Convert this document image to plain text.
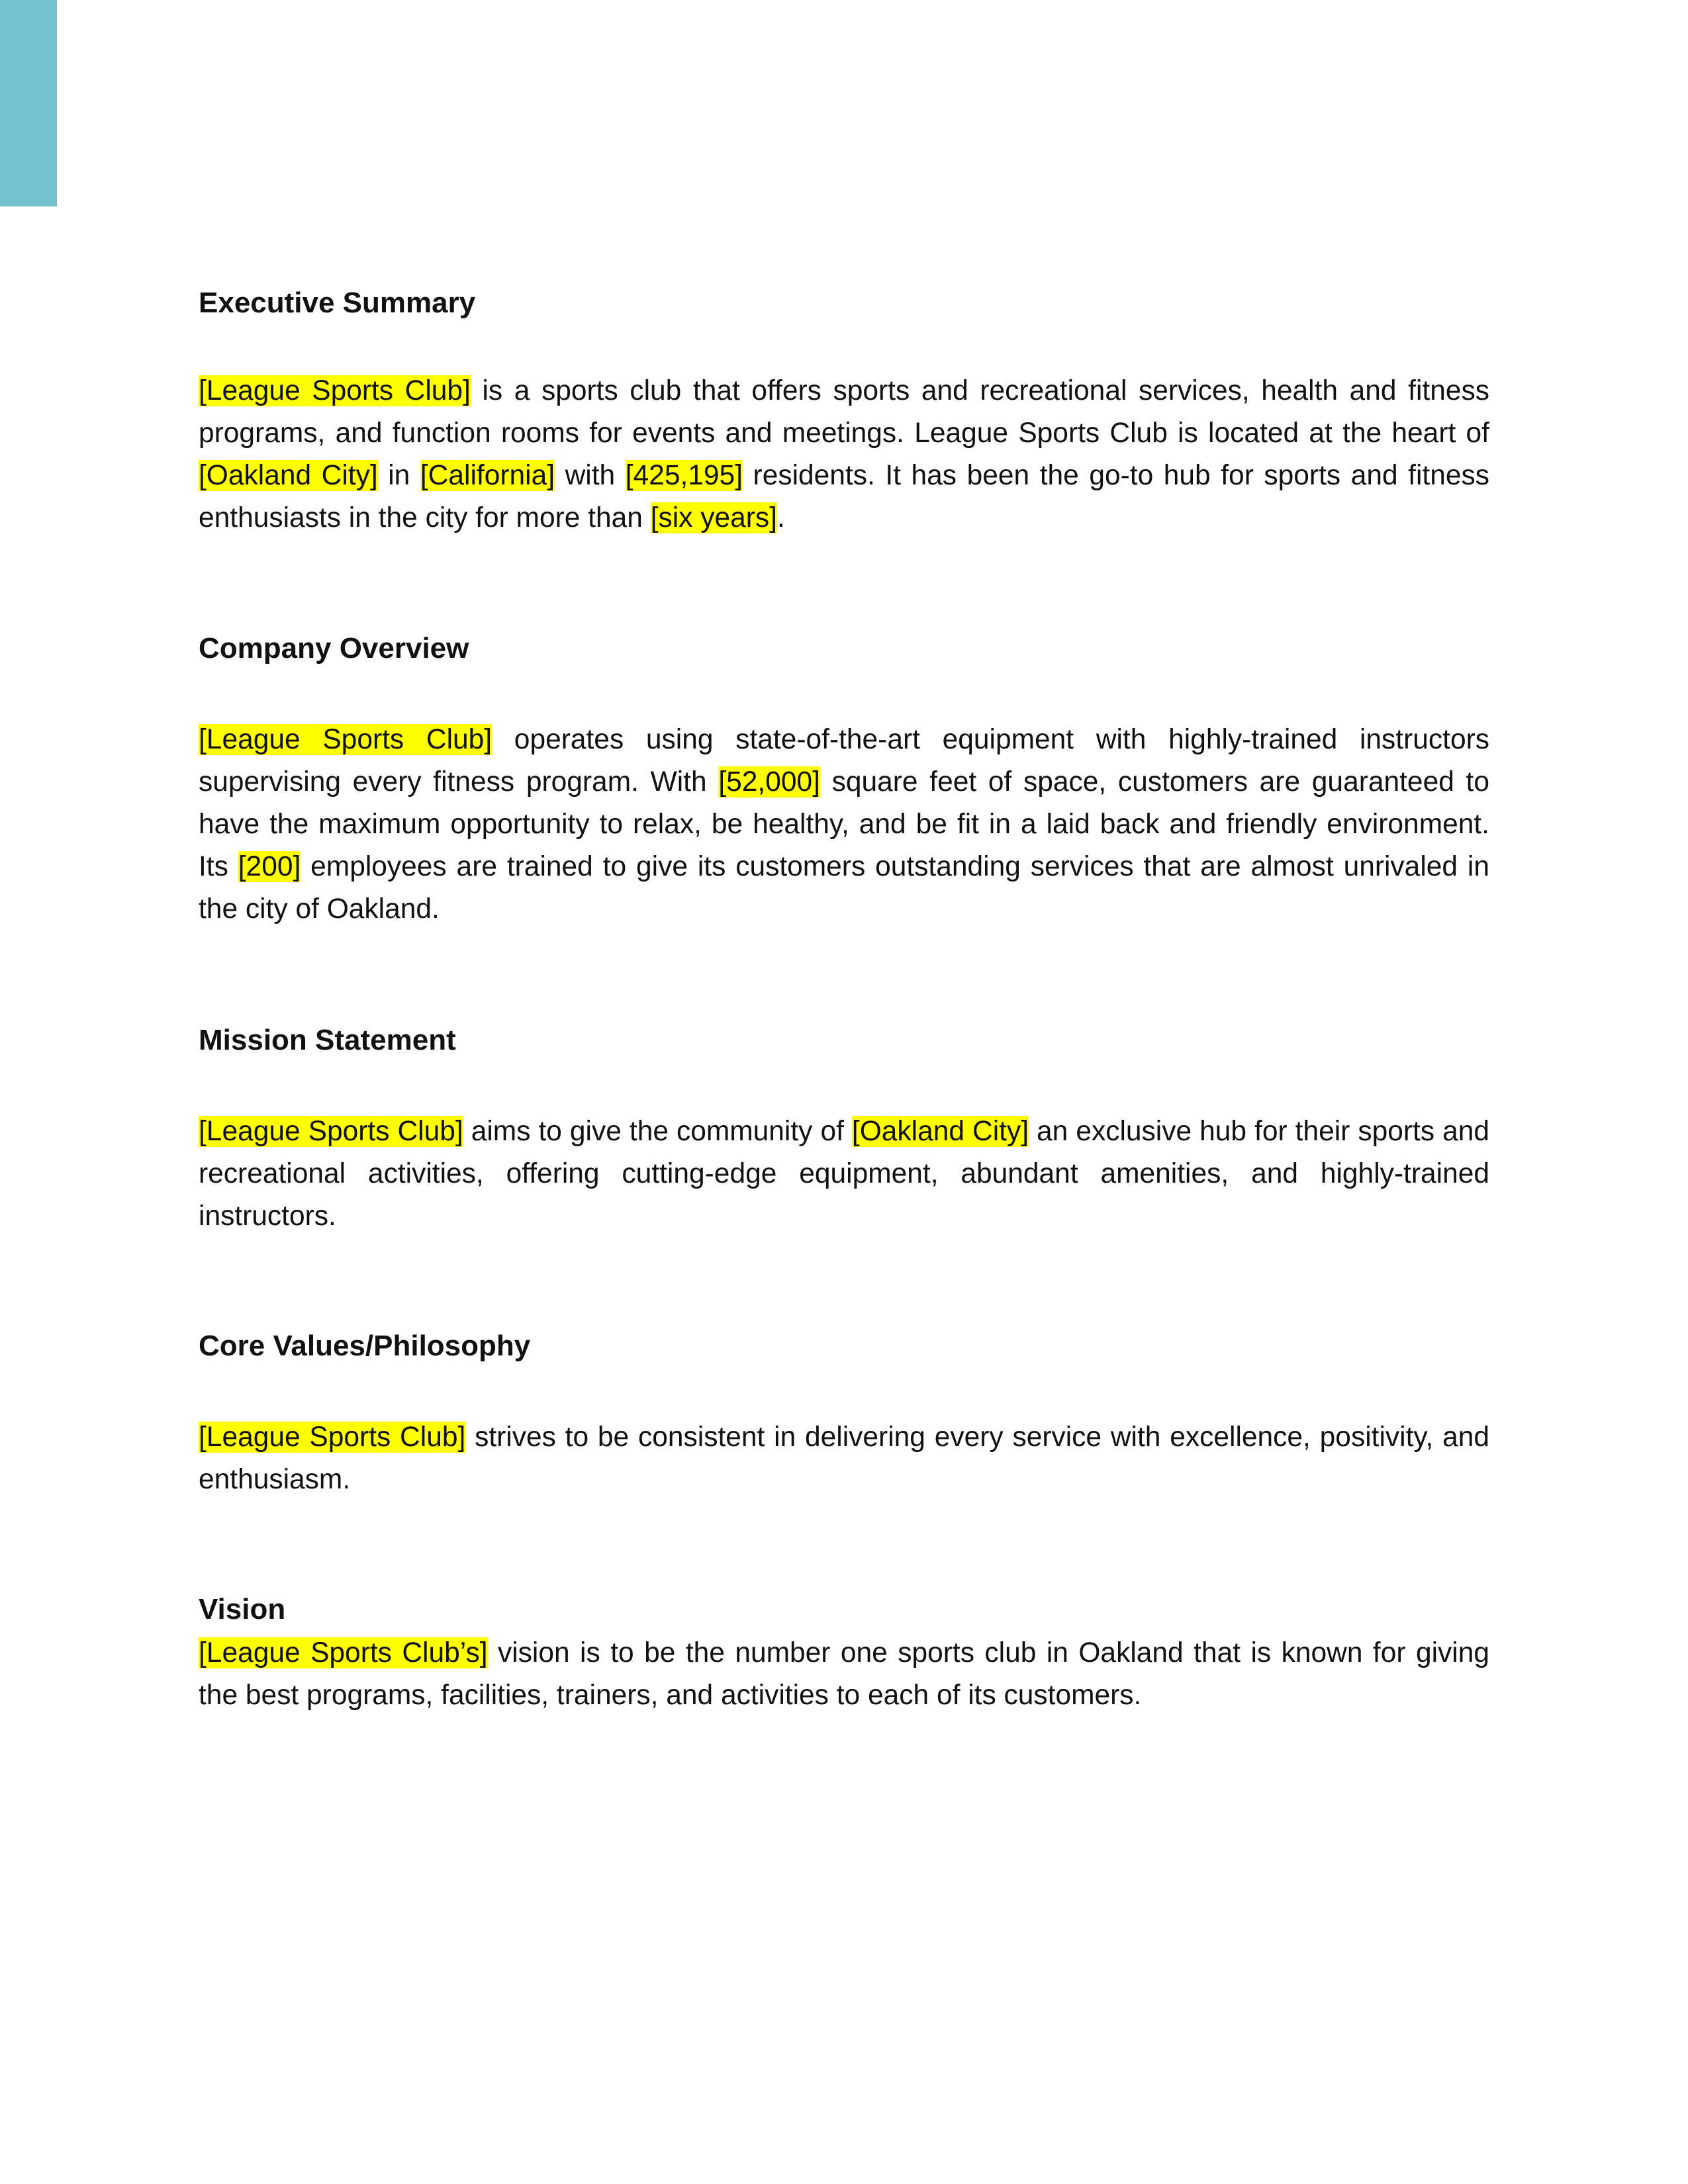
Executive Summary

[League Sports Club] is a sports club that offers sports and recreational services, health and fitness programs, and function rooms for events and meetings. League Sports Club is located at the heart of [Oakland City] in [California] with [425,195] residents. It has been the go-to hub for sports and fitness enthusiasts in the city for more than [six years].

Company Overview

[League Sports Club] operates using state-of-the-art equipment with highly-trained instructors supervising every fitness program. With [52,000] square feet of space, customers are guaranteed to have the maximum opportunity to relax, be healthy, and be fit in a laid back and friendly environment. Its [200] employees are trained to give its customers outstanding services that are almost unrivaled in the city of Oakland.

Mission Statement

[League Sports Club] aims to give the community of [Oakland City] an exclusive hub for their sports and recreational activities, offering cutting-edge equipment, abundant amenities, and highly-trained instructors.

Core Values/Philosophy

[League Sports Club] strives to be consistent in delivering every service with excellence, positivity, and enthusiasm.

Vision

[League Sports Club’s] vision is to be the number one sports club in Oakland that is known for giving the best programs, facilities, trainers, and activities to each of its customers.
